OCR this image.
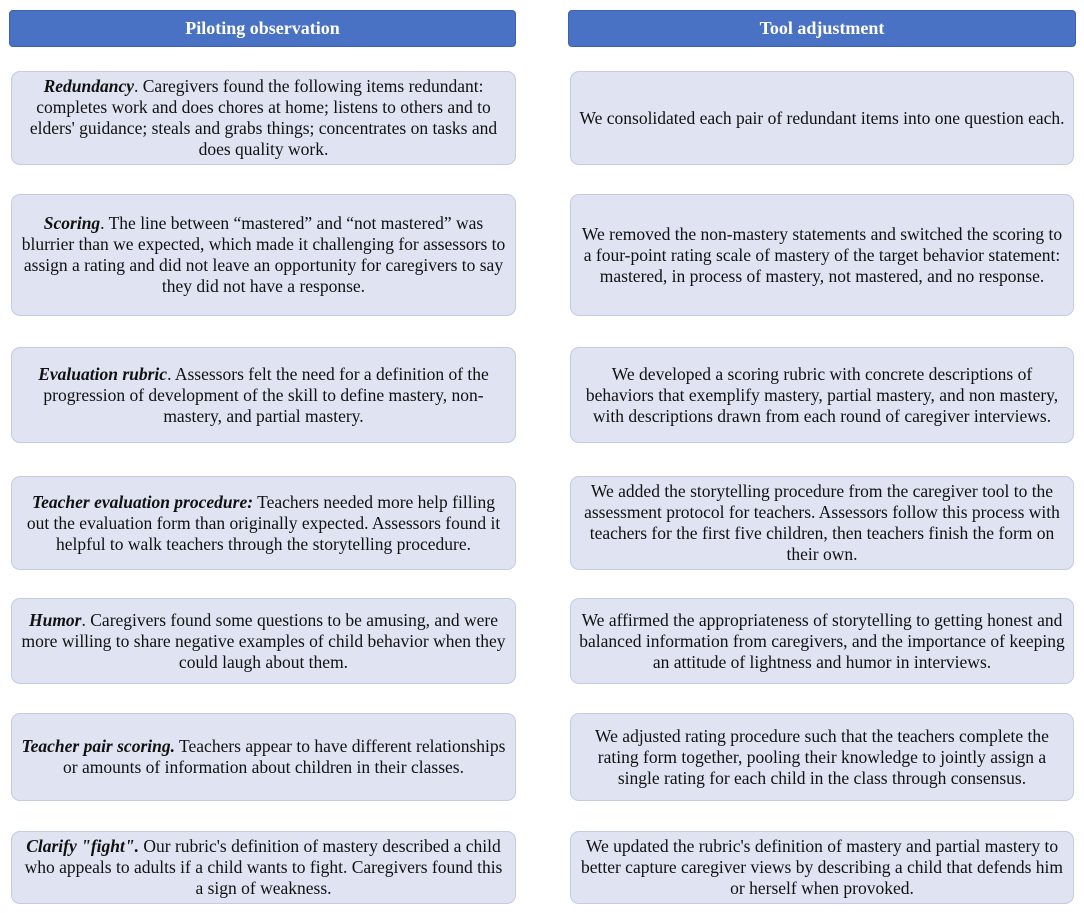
Piloting observation	Tool adjustment
Redundancy. Caregivers found the following items redundant: completes work and does chores at home; listens to others and to elders' guidance; steals and grabs things; concentrates on tasks and does quality work.
We consolidated each pair of redundant items into one question each.
Scoring. The line between “mastered” and “not mastered” was blurrier than we expected, which made it challenging for assessors to assign a rating and did not leave an opportunity for caregivers to say they did not have a response.
We removed the non-mastery statements and switched the scoring to a four-point rating scale of mastery of the target behavior statement: mastered, in process of mastery, not mastered, and no response.
Evaluation rubric. Assessors felt the need for a definition of the progression of development of the skill to define mastery, non-mastery, and partial mastery.
We developed a scoring rubric with concrete descriptions of behaviors that exemplify mastery, partial mastery, and non mastery, with descriptions drawn from each round of caregiver interviews.
Teacher evaluation procedure: Teachers needed more help filling out the evaluation form than originally expected. Assessors found it helpful to walk teachers through the storytelling procedure.
We added the storytelling procedure from the caregiver tool to the assessment protocol for teachers. Assessors follow this process with teachers for the first five children, then teachers finish the form on their own.
Humor. Caregivers found some questions to be amusing, and were more willing to share negative examples of child behavior when they could laugh about them.
We affirmed the appropriateness of storytelling to getting honest and balanced information from caregivers, and the importance of keeping an attitude of lightness and humor in interviews.
Teacher pair scoring. Teachers appear to have different relationships or amounts of information about children in their classes.
We adjusted rating procedure such that the teachers complete the rating form together, pooling their knowledge to jointly assign a single rating for each child in the class through consensus.
Clarify "fight". Our rubric's definition of mastery described a child who appeals to adults if a child wants to fight. Caregivers found this a sign of weakness.
We updated the rubric's definition of mastery and partial mastery to better capture caregiver views by describing a child that defends him or herself when provoked.
